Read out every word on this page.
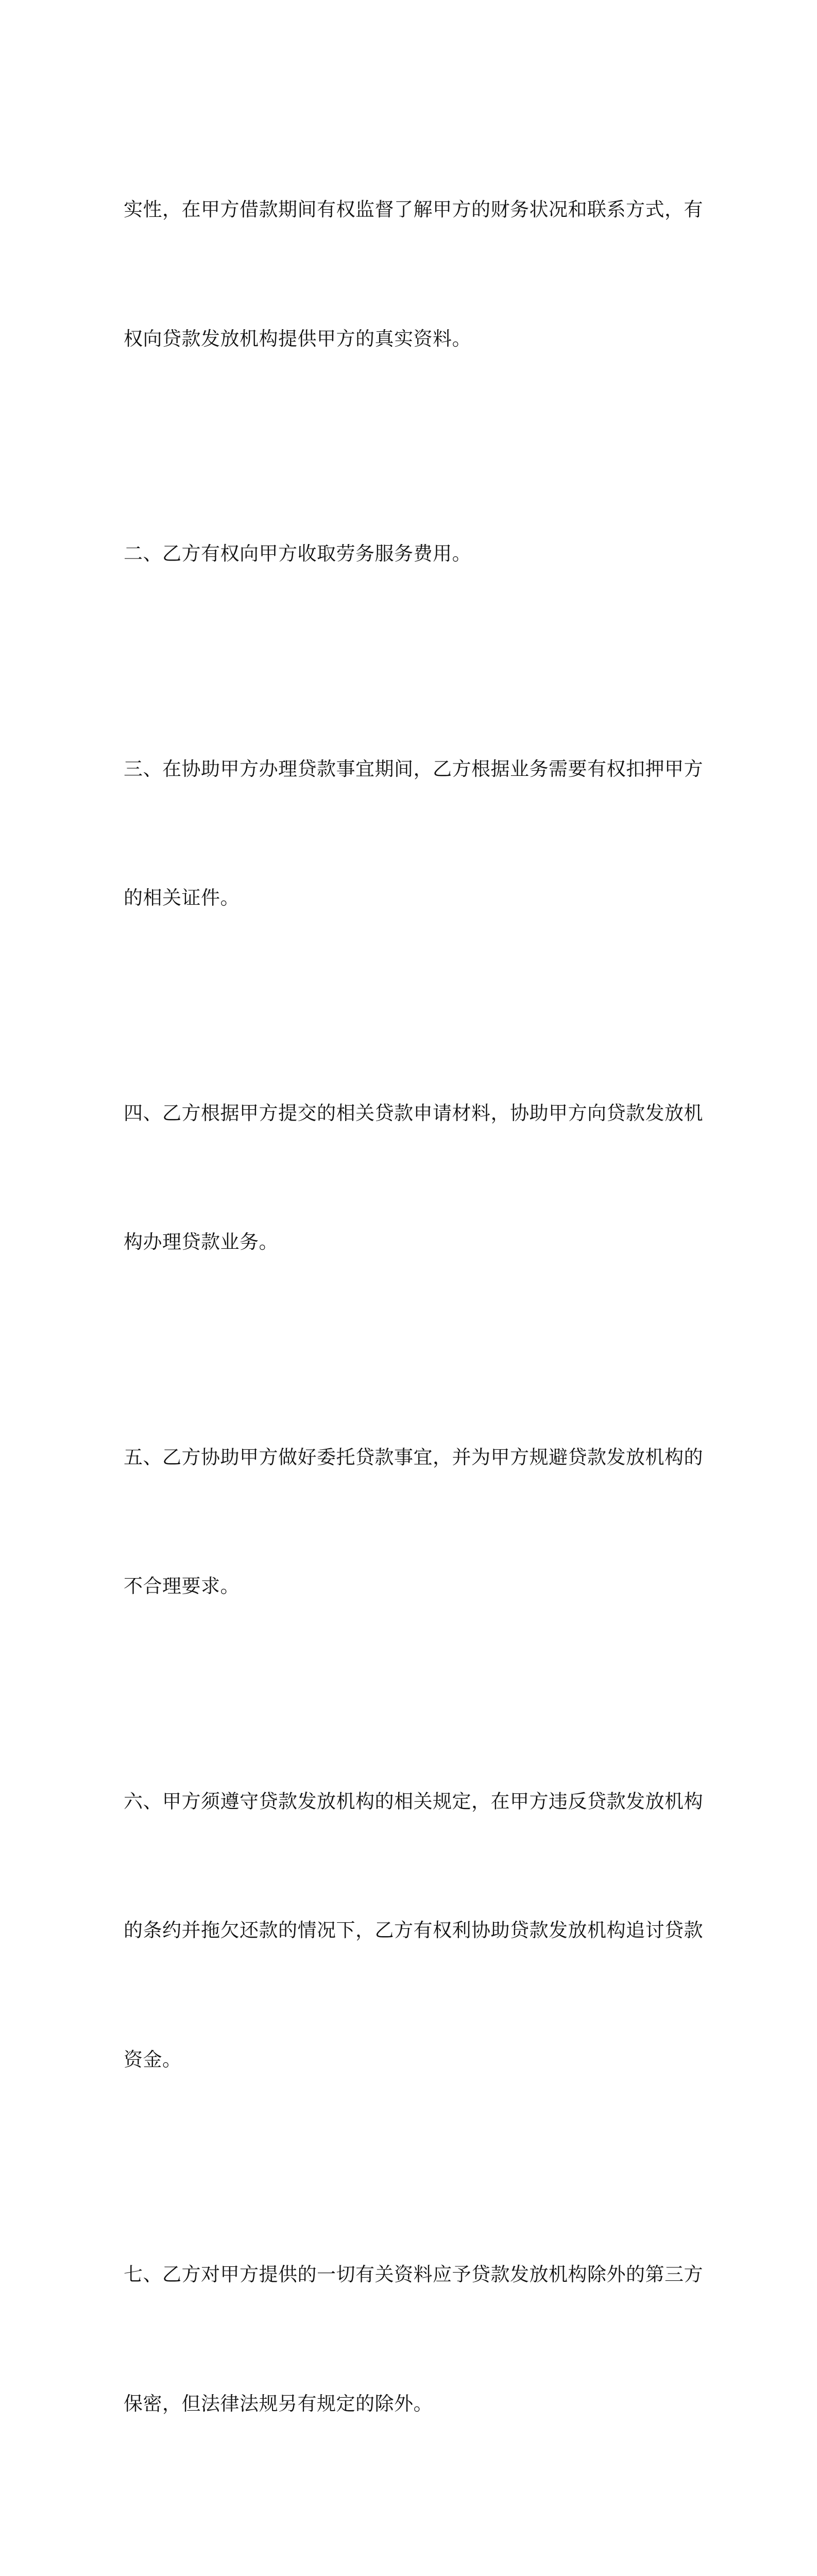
实性，在甲方借款期间有权监督了解甲方的财务状况和联系方式，有

权向贷款发放机构提供甲方的真实资料。

二、乙方有权向甲方收取劳务服务费用。

三、在协助甲方办理贷款事宜期间，乙方根据业务需要有权扣押甲方

的相关证件。

四、乙方根据甲方提交的相关贷款申请材料，协助甲方向贷款发放机

构办理贷款业务。

五、乙方协助甲方做好委托贷款事宜，并为甲方规避贷款发放机构的

不合理要求。

六、甲方须遵守贷款发放机构的相关规定，在甲方违反贷款发放机构

的条约并拖欠还款的情况下，乙方有权利协助贷款发放机构追讨贷款

资金。

七、乙方对甲方提供的一切有关资料应予贷款发放机构除外的第三方

保密，但法律法规另有规定的除外。
